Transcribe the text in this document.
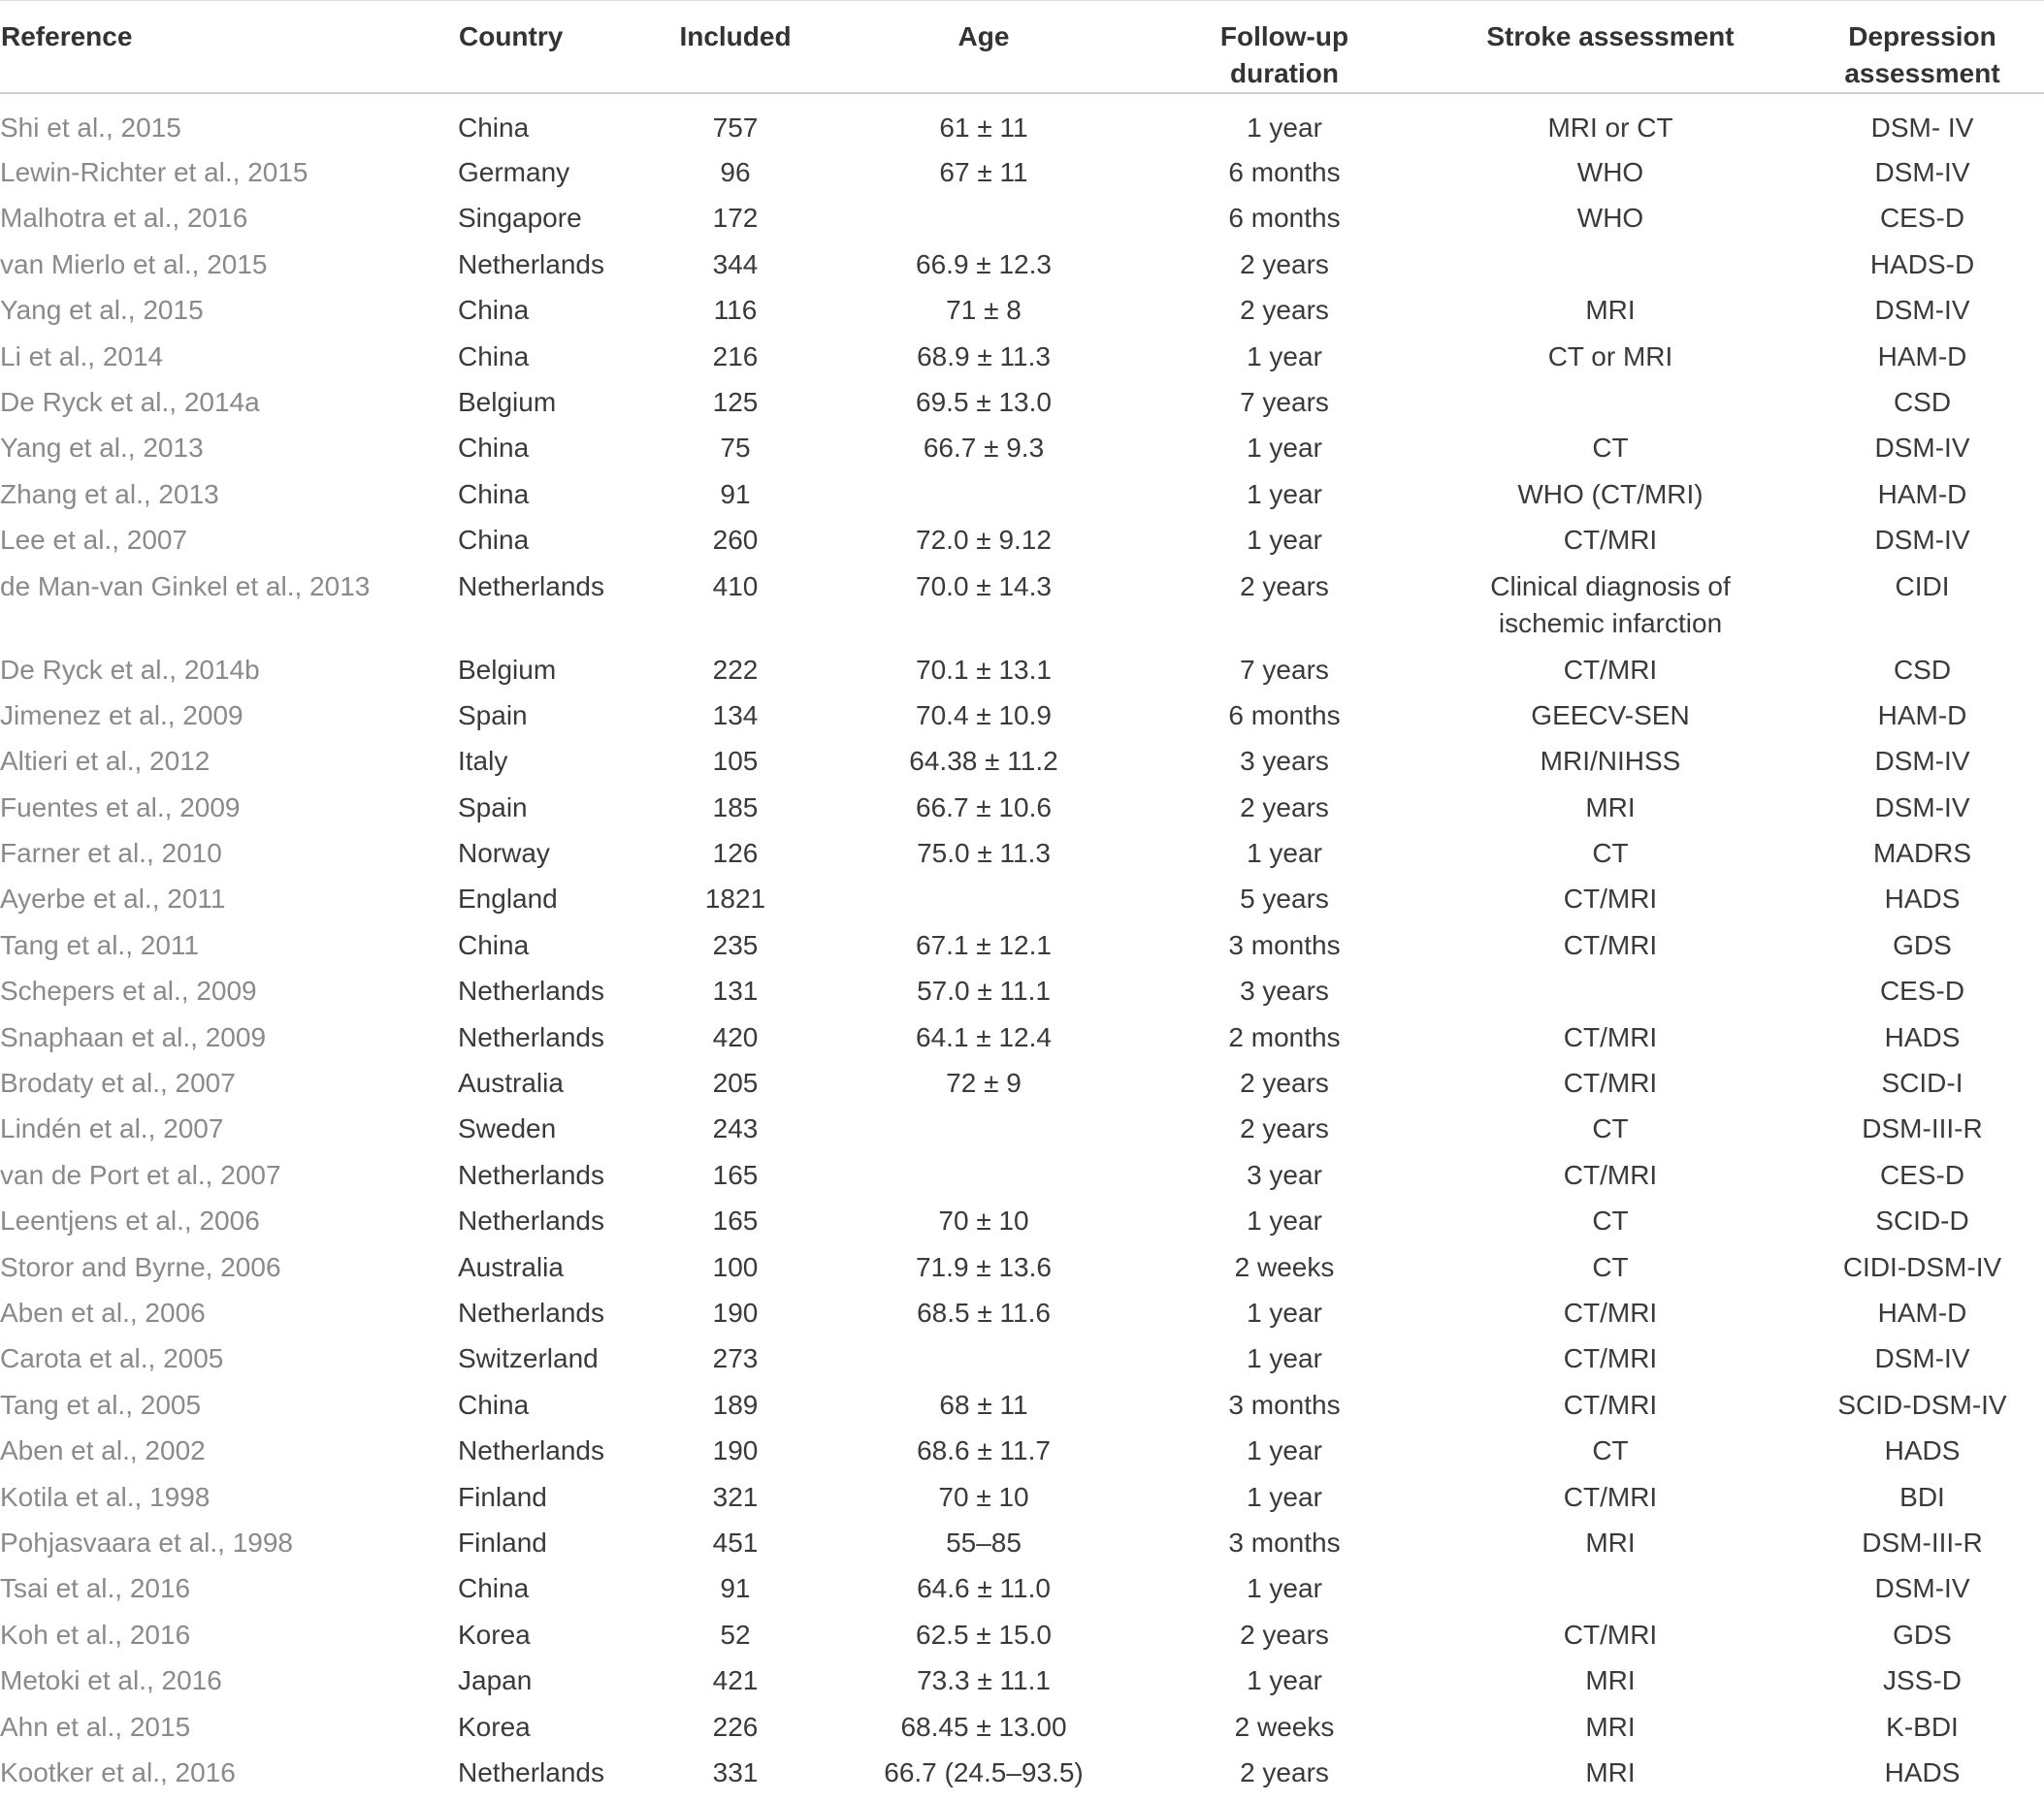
Reference	Country	Included	Age	Follow-up duration	Stroke assessment	Depression assessment
Shi et al., 2015	China	757	61 ± 11	1 year	MRI or CT	DSM- IV
Lewin-Richter et al., 2015	Germany	96	67 ± 11	6 months	WHO	DSM-IV
Malhotra et al., 2016	Singapore	172		6 months	WHO	CES-D
van Mierlo et al., 2015	Netherlands	344	66.9 ± 12.3	2 years		HADS-D
Yang et al., 2015	China	116	71 ± 8	2 years	MRI	DSM-IV
Li et al., 2014	China	216	68.9 ± 11.3	1 year	CT or MRI	HAM-D
De Ryck et al., 2014a	Belgium	125	69.5 ± 13.0	7 years		CSD
Yang et al., 2013	China	75	66.7 ± 9.3	1 year	CT	DSM-IV
Zhang et al., 2013	China	91		1 year	WHO (CT/MRI)	HAM-D
Lee et al., 2007	China	260	72.0 ± 9.12	1 year	CT/MRI	DSM-IV
de Man-van Ginkel et al., 2013	Netherlands	410	70.0 ± 14.3	2 years	Clinical diagnosis of ischemic infarction	CIDI
De Ryck et al., 2014b	Belgium	222	70.1 ± 13.1	7 years	CT/MRI	CSD
Jimenez et al., 2009	Spain	134	70.4 ± 10.9	6 months	GEECV-SEN	HAM-D
Altieri et al., 2012	Italy	105	64.38 ± 11.2	3 years	MRI/NIHSS	DSM-IV
Fuentes et al., 2009	Spain	185	66.7 ± 10.6	2 years	MRI	DSM-IV
Farner et al., 2010	Norway	126	75.0 ± 11.3	1 year	CT	MADRS
Ayerbe et al., 2011	England	1821		5 years	CT/MRI	HADS
Tang et al., 2011	China	235	67.1 ± 12.1	3 months	CT/MRI	GDS
Schepers et al., 2009	Netherlands	131	57.0 ± 11.1	3 years		CES-D
Snaphaan et al., 2009	Netherlands	420	64.1 ± 12.4	2 months	CT/MRI	HADS
Brodaty et al., 2007	Australia	205	72 ± 9	2 years	CT/MRI	SCID-I
Lindén et al., 2007	Sweden	243		2 years	CT	DSM-III-R
van de Port et al., 2007	Netherlands	165		3 year	CT/MRI	CES-D
Leentjens et al., 2006	Netherlands	165	70 ± 10	1 year	CT	SCID-D
Storor and Byrne, 2006	Australia	100	71.9 ± 13.6	2 weeks	CT	CIDI-DSM-IV
Aben et al., 2006	Netherlands	190	68.5 ± 11.6	1 year	CT/MRI	HAM-D
Carota et al., 2005	Switzerland	273		1 year	CT/MRI	DSM-IV
Tang et al., 2005	China	189	68 ± 11	3 months	CT/MRI	SCID-DSM-IV
Aben et al., 2002	Netherlands	190	68.6 ± 11.7	1 year	CT	HADS
Kotila et al., 1998	Finland	321	70 ± 10	1 year	CT/MRI	BDI
Pohjasvaara et al., 1998	Finland	451	55–85	3 months	MRI	DSM-III-R
Tsai et al., 2016	China	91	64.6 ± 11.0	1 year		DSM-IV
Koh et al., 2016	Korea	52	62.5 ± 15.0	2 years	CT/MRI	GDS
Metoki et al., 2016	Japan	421	73.3 ± 11.1	1 year	MRI	JSS-D
Ahn et al., 2015	Korea	226	68.45 ± 13.00	2 weeks	MRI	K-BDI
Kootker et al., 2016	Netherlands	331	66.7 (24.5–93.5)	2 years	MRI	HADS
